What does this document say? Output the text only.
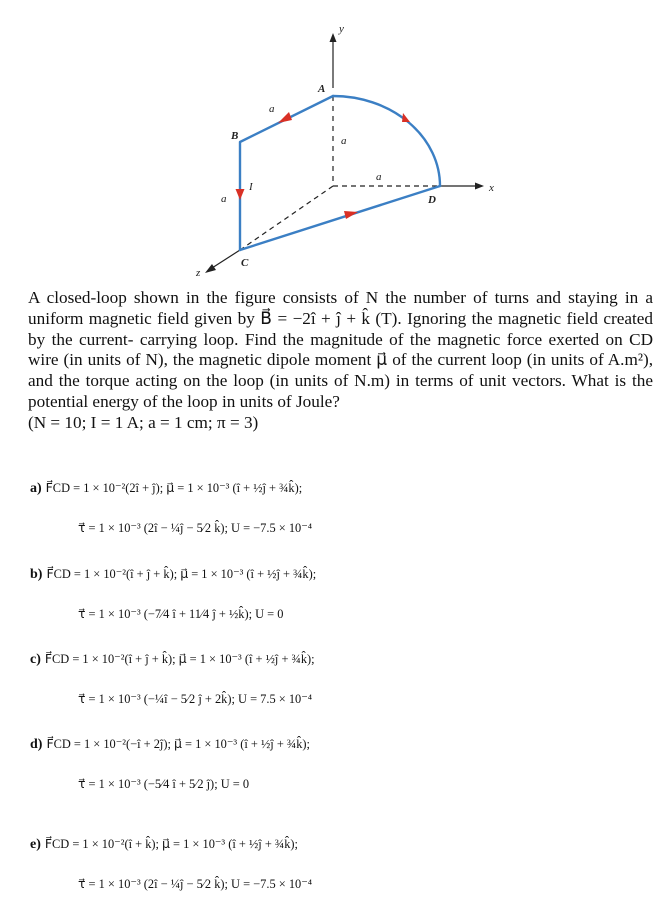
y
x
z
A
B
C
D
I
a
a
a
a

A closed-loop shown in the figure consists of N the number of turns and staying in a uniform magnetic field given by B⃗ = −2î + ĵ + k̂ (T). Ignoring the magnetic field created by the current- carrying loop. Find the magnitude of the magnetic force exerted on CD wire (in units of N), the magnetic dipole moment μ⃗ of the current loop (in units of A.m²), and the torque acting on the loop (in units of N.m) in terms of unit vectors. What is the potential energy of the loop in units of Joule?
(N = 10; I = 1 A; a = 1 cm; π = 3)

a) F⃗CD = 1 × 10⁻²(2î + ĵ); μ⃗ = 1 × 10⁻³ (î + ½ĵ + ¾k̂);
τ⃗ = 1 × 10⁻³ (2î − ¼ĵ − 5⁄2 k̂); U = −7.5 × 10⁻⁴
b) F⃗CD = 1 × 10⁻²(î + ĵ + k̂); μ⃗ = 1 × 10⁻³ (î + ½ĵ + ¾k̂);
τ⃗ = 1 × 10⁻³ (−7⁄4 î + 11⁄4 ĵ + ½k̂); U = 0
c) F⃗CD = 1 × 10⁻²(î + ĵ + k̂); μ⃗ = 1 × 10⁻³ (î + ½ĵ + ¾k̂);
τ⃗ = 1 × 10⁻³ (−¼î − 5⁄2 ĵ + 2k̂); U = 7.5 × 10⁻⁴
d) F⃗CD = 1 × 10⁻²(−î + 2ĵ); μ⃗ = 1 × 10⁻³ (î + ½ĵ + ¾k̂);
τ⃗ = 1 × 10⁻³ (−5⁄4 î + 5⁄2 ĵ); U = 0
e) F⃗CD = 1 × 10⁻²(î + k̂); μ⃗ = 1 × 10⁻³ (î + ½ĵ + ¾k̂);
τ⃗ = 1 × 10⁻³ (2î − ¼ĵ − 5⁄2 k̂); U = −7.5 × 10⁻⁴
